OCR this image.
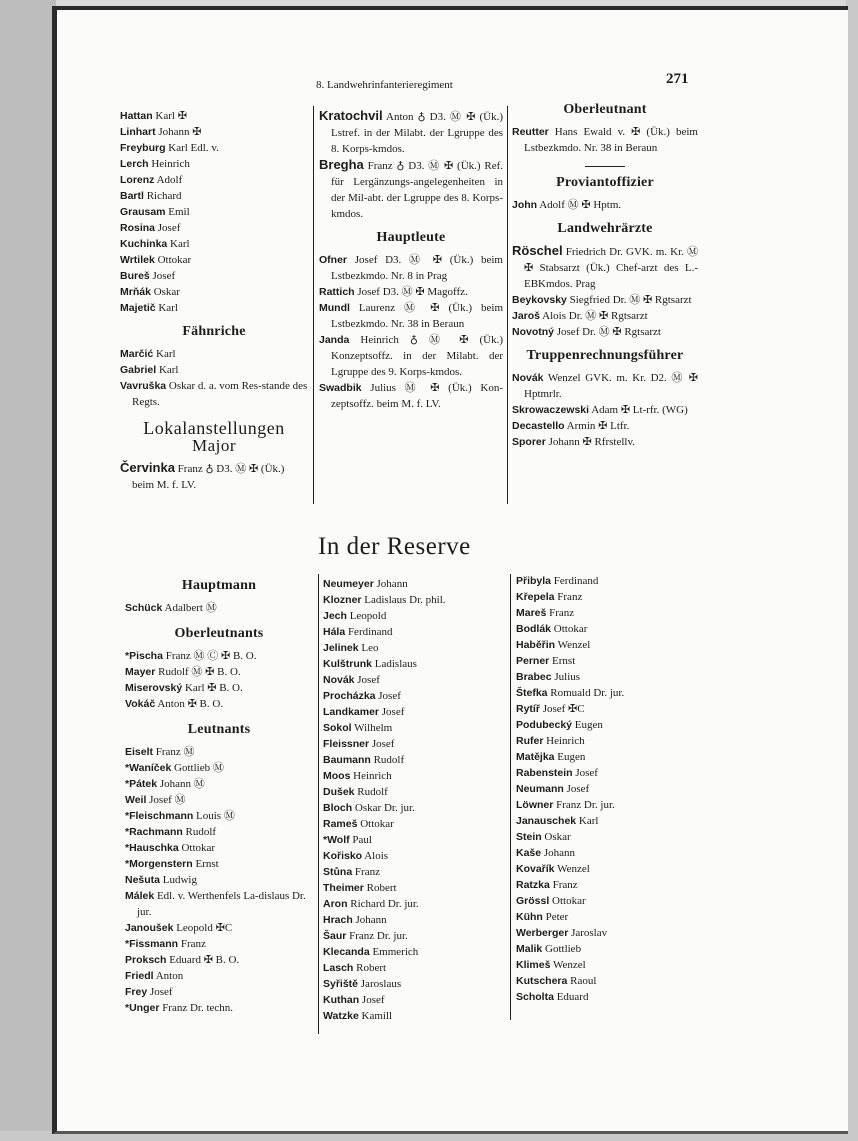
8. Landwehrinfanterieregiment	271
Hattan Karl ✠
Linhart Johann ✠
Freyburg Karl Edl. v.
Lerch Heinrich
Lorenz Adolf
Bartl Richard
Grausam Emil
Rosina Josef
Kuchinka Karl
Wrtilek Ottokar
Bureš Josef
Mrňák Oskar
Majetič Karl
Fähnriche
Marčić Karl
Gabriel Karl
Vavruška Oskar d. a. vom Res-stande des Regts.
Lokalanstellungen
Major
Červinka Franz ♁ D3. Ⓜ ✠ (Ük.) beim M. f. LV.
Kratochvil Anton ♁ D3. Ⓜ ✠ (Ük.) Lstref. in der Milabt. der Lgruppe des 8. Korps-kmdos.
Bregha Franz ♁ D3. Ⓜ ✠ (Ük.) Ref. für Lergänzungs-angelegenheiten in der Mil-abt. der Lgruppe des 8. Korps-kmdos.
Hauptleute
Ofner Josef D3. Ⓜ ✠ (Ük.) beim Lstbezkmdo. Nr. 8 in Prag
Rattich Josef D3. Ⓜ ✠ Magoffz.
Mundl Laurenz Ⓜ ✠ (Ük.) beim Lstbezkmdo. Nr. 38 in Beraun
Janda Heinrich ♁ Ⓜ ✠ (Ük.) Konzeptsoffz. in der Milabt. der Lgruppe des 9. Korps-kmdos.
Swadbik Julius Ⓜ ✠ (Ük.) Kon-zeptsoffz. beim M. f. LV.
Oberleutnant
Reutter Hans Ewald v. ✠ (Ük.) beim Lstbezkmdo. Nr. 38 in Beraun
Proviantoffizier
John Adolf Ⓜ ✠ Hptm.
Landwehrärzte
Röschel Friedrich Dr. GVK. m. Kr. Ⓜ ✠ Stabsarzt (Ük.) Chef-arzt des L.-EBKmdos. Prag
Beykovsky Siegfried Dr. Ⓜ ✠ Rgtsarzt
Jaroš Alois Dr. Ⓜ ✠ Rgtsarzt
Novotný Josef Dr. Ⓜ ✠ Rgtsarzt
Truppenrechnungsführer
Novák Wenzel GVK. m. Kr. D2. Ⓜ ✠ Hptmrlr.
Skrowaczewski Adam ✠ Lt-rfr. (WG)
Decastello Armin ✠ Ltfr.
Sporer Johann ✠ Rfrstellv.
In der Reserve
Hauptmann
Schück Adalbert Ⓜ
Oberleutnants
*Pischa Franz Ⓜ Ⓒ ✠ B. O.
Mayer Rudolf Ⓜ ✠ B. O.
Miserovský Karl ✠ B. O.
Vokáč Anton ✠ B. O.
Leutnants
Eiselt Franz Ⓜ
*Waníček Gottlieb Ⓜ
*Pátek Johann Ⓜ
Weil Josef Ⓜ
*Fleischmann Louis Ⓜ
*Rachmann Rudolf
*Hauschka Ottokar
*Morgenstern Ernst
Nešuta Ludwig
Málek Edl. v. Werthenfels La-dislaus Dr. jur.
Janoušek Leopold ✠C
*Fissmann Franz
Proksch Eduard ✠ B. O.
Friedl Anton
Frey Josef
*Unger Franz Dr. techn.
Neumeyer Johann
Klozner Ladislaus Dr. phil.
Jech Leopold
Hála Ferdinand
Jelinek Leo
Kulštrunk Ladislaus
Novák Josef
Procházka Josef
Landkamer Josef
Sokol Wilhelm
Fleissner Josef
Baumann Rudolf
Moos Heinrich
Dušek Rudolf
Bloch Oskar Dr. jur.
Rameš Ottokar
*Wolf Paul
Kořisko Alois
Stůna Franz
Theimer Robert
Aron Richard Dr. jur.
Hrach Johann
Šaur Franz Dr. jur.
Klecanda Emmerich
Lasch Robert
Syřiště Jaroslaus
Kuthan Josef
Watzke Kamill
Přibyla Ferdinand
Křepela Franz
Mareš Franz
Bodlák Ottokar
Haběřin Wenzel
Perner Ernst
Brabec Julius
Štefka Romuald Dr. jur.
Rytíř Josef ✠C
Podubecký Eugen
Rufer Heinrich
Matějka Eugen
Rabenstein Josef
Neumann Josef
Löwner Franz Dr. jur.
Janauschek Karl
Stein Oskar
Kaše Johann
Kovařík Wenzel
Ratzka Franz
Grössl Ottokar
Kühn Peter
Werberger Jaroslav
Malik Gottlieb
Klimeš Wenzel
Kutschera Raoul
Scholta Eduard
